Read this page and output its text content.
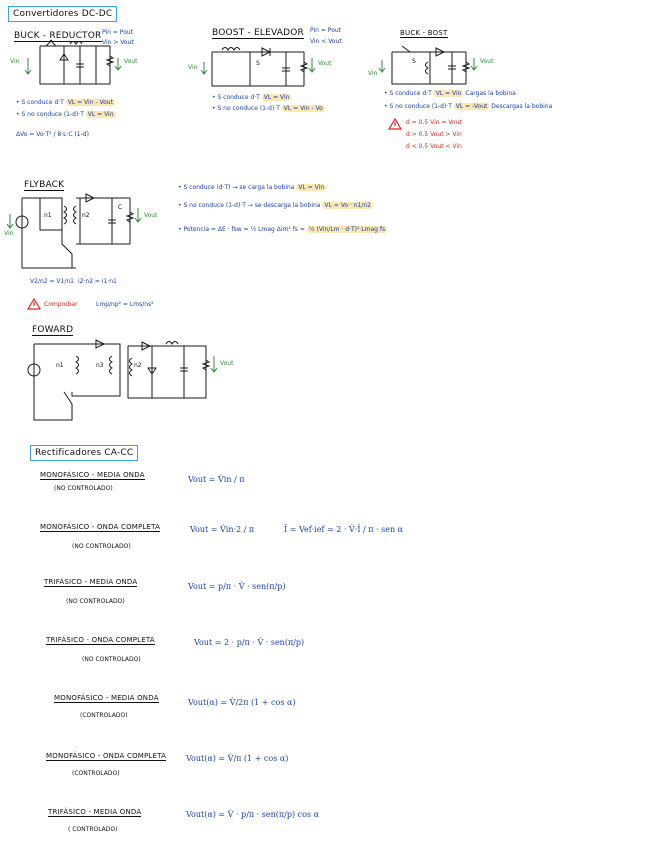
Convertidores DC-DC
BUCK - REDUCTOR Pin = Pout
Vin > Vout
Vin	Vout
• S conduce d·T VL = Vin - Vout
• S no conduce (1-d)·T VL = Vin
ΔVo = Vo·T² / 8·L·C (1-d)
BOOST - ELEVADOR Pin = Pout
Vin < Vout
Vin
S	Vout
• S conduce d·T VL = Vin
• S no conduce (1-d)·T VL = Vin - Vo
BUCK - BOST
Vin
S	Vout
• S conduce d·T VL = Vin Cargas la bobina
• S no conduce (1-d)·T VL = -Vout Descargas la bobina
d = 0.5 Vin = Vout
d > 0.5 Vout > Vin
d < 0.5 Vout < Vin
FLYBACK
Vin
n1	n2
C
Vout
• S conduce (d·T) → se carga la bobina VL = Vin
• S no conduce (1-d)·T → se descarga la bobina VL = Vo · n1/n2
• Potencia = ΔE · fsw = ½ Lmag Δim² fs = ½ (Vin/Lm · d·T)² Lmag fs
V2/n2 = V1/n1 i2·n2 = i1·n1
Comprobar	Lmp/np² = Lms/ns²
FOWARD
n1	n3	n2	Vout
Rectificadores CA-CC
MONOFÁSICO - MEDIA ONDA
(NO CONTROLADO)
Vout = V̂in / π
MONOFÁSICO - ONDA COMPLETA
(NO CONTROLADO)
Vout = V̂in·2 / π	Ī = Vef·ief = 2 · V̂·Î / π · sen α
TRIFÁSICO - MEDIA ONDA
(NO CONTROLADO)
Vout = p/π · V̂ · sen(π/p)
TRIFÁSICO - ONDA COMPLETA
(NO CONTROLADO)
Vout = 2 · p/π · V̂ · sen(π/p)
MONOFÁSICO - MEDIA ONDA
(CONTROLADO)
Vout(α) = V̂/2π (1 + cos α)
MONOFÁSICO - ONDA COMPLETA
(CONTROLADO)
Vout(α) = V̂/π (1 + cos α)
TRIFÁSICO - MEDIA ONDA
( CONTROLADO)
Vout(α) = V̂ · p/π · sen(π/p) cos α
